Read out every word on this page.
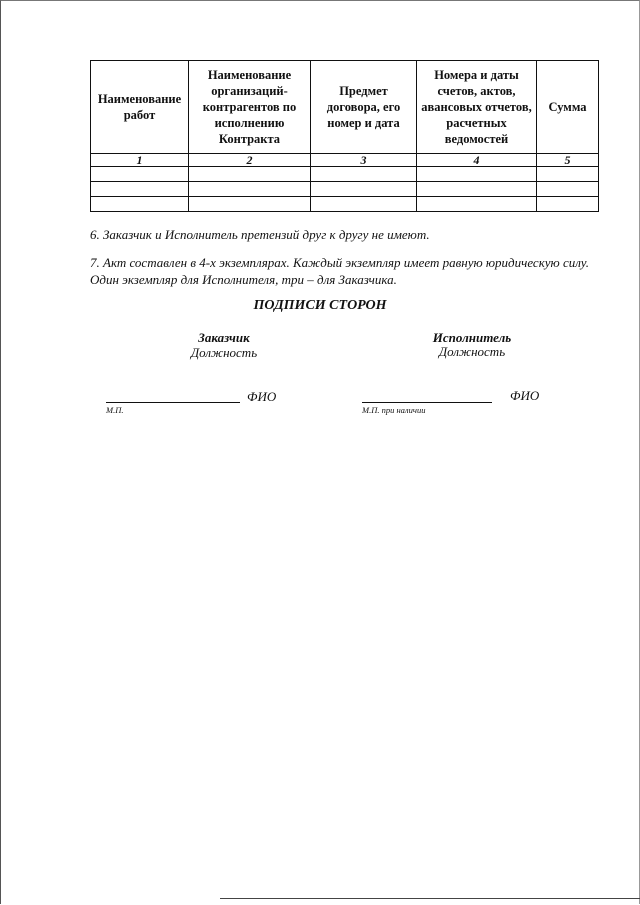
Наименование работ	Наименование организаций-контрагентов по исполнению Контракта	Предмет договора, его номер и дата	Номера и даты счетов, актов, авансовых отчетов, расчетных ведомостей	Сумма
1	2	3	4	5

6. Заказчик и Исполнитель претензий друг к другу не имеют.

7. Акт составлен в 4-х экземплярах. Каждый экземпляр имеет равную юридическую силу.

Один экземпляр для Исполнителя, три – для Заказчика.

ПОДПИСИ СТОРОН

Заказчик
Должность
Исполнитель
Должность
ФИО
М.П.
ФИО
М.П. при наличии
